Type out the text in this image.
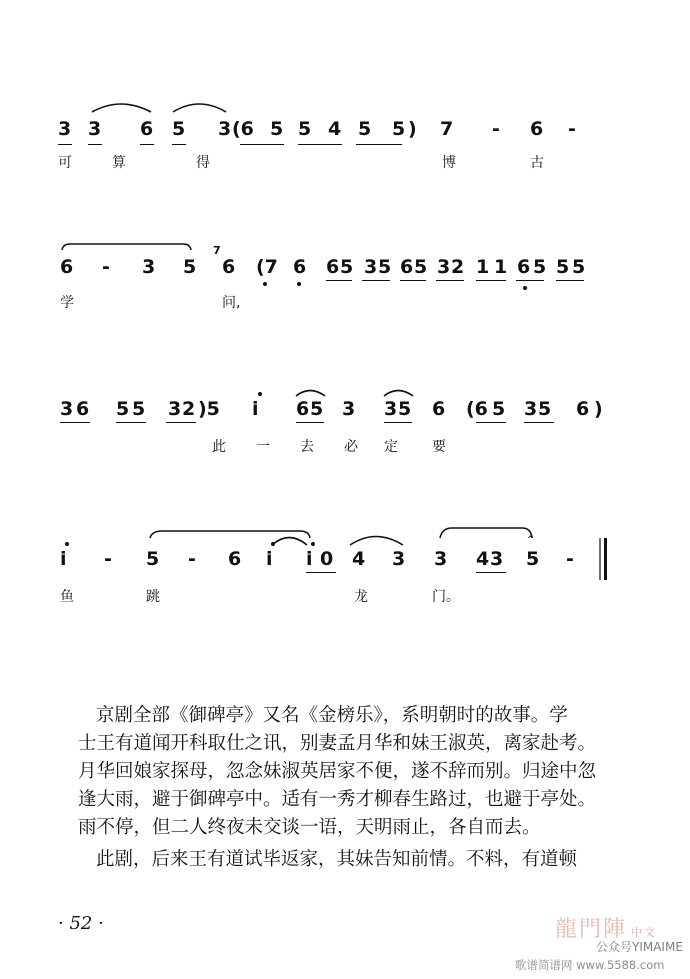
3 3 6 5 3 (6 5 5 4 5 5 ) 7 - 6 -
可	算	得	博	古
6 - 3 5
7
6 (7 6 6 5 3 5 6 5 3 2 1 1 6 5 5 5
学	问,
3 6 5 5 3 2 )5 i 6 5 3 3 5 6 (6 5 3 5 6 )
此 一 去 必 定 要
i - 5 - 6 i i 0 4 3 3 4 3 5 -
^
鱼	跳	龙	门。

京剧全部《御碑亭》又名《金榜乐》，系明朝时的故事。学

士王有道闻开科取仕之讯，别妻孟月华和妹王淑英，离家赴考。

月华回娘家探母，忽念妹淑英居家不便，遂不辞而别。归途中忽

逢大雨，避于御碑亭中。适有一秀才柳春生路过，也避于亭处。

雨不停，但二人终夜未交谈一语，天明雨止，各自而去。

此剧，后来王有道试毕返家，其妹告知前情。不料，有道顿

· 52 ·	龍門陣 中文
公众号YIMAIME
歌谱简谱网 www.5588.com
